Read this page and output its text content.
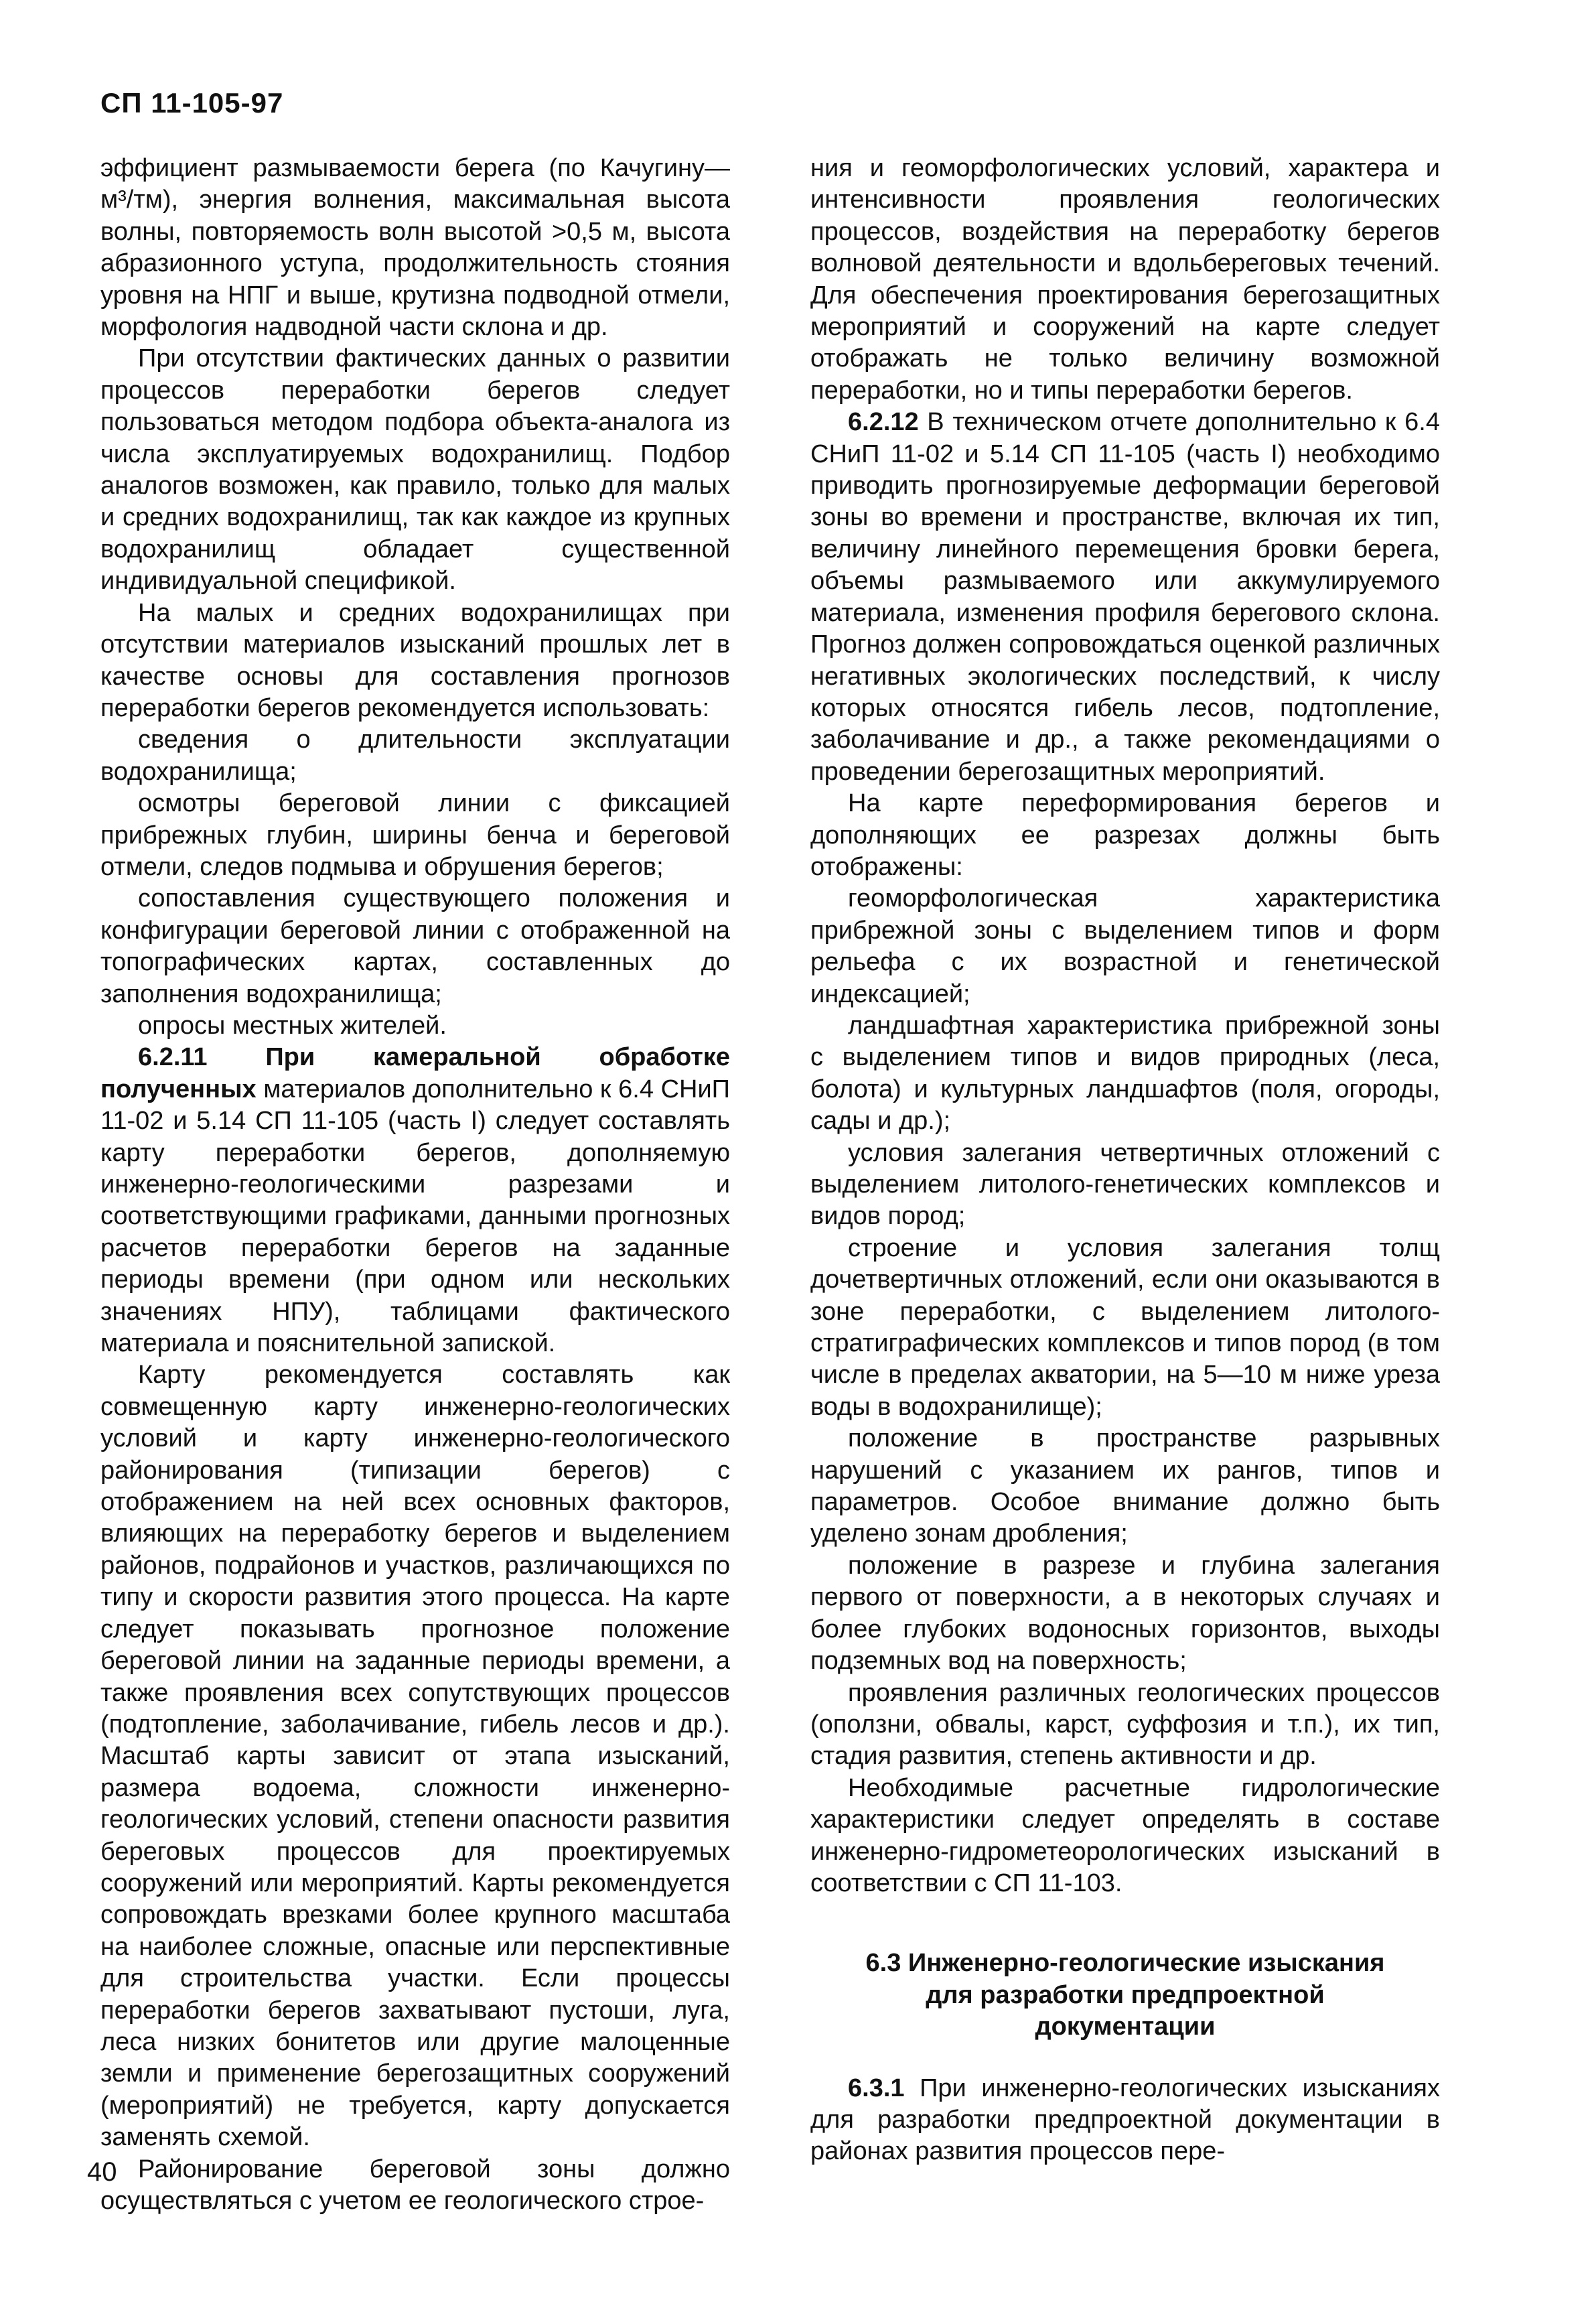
СП 11-105-97

эффициент размываемости берега (по Качугину— м³/тм), энергия волнения, максимальная высота волны, повторяемость волн высотой >0,5 м, высота абразионного уступа, продолжительность стояния уровня на НПГ и выше, крутизна подводной отмели, морфология надводной части склона и др.

При отсутствии фактических данных о развитии процессов переработки берегов следует пользоваться методом подбора объекта-аналога из числа эксплуатируемых водохранилищ. Подбор аналогов возможен, как правило, только для малых и средних водохранилищ, так как каждое из крупных водохранилищ обладает существенной индивидуальной спецификой.

На малых и средних водохранилищах при отсутствии материалов изысканий прошлых лет в качестве основы для составления прогнозов переработки берегов рекомендуется использовать:

сведения о длительности эксплуатации водохранилища;

осмотры береговой линии с фиксацией прибрежных глубин, ширины бенча и береговой отмели, следов подмыва и обрушения берегов;

сопоставления существующего положения и конфигурации береговой линии с отображенной на топографических картах, составленных до заполнения водохранилища;

опросы местных жителей.

6.2.11 При камеральной обработке полученных материалов дополнительно к 6.4 СНиП 11-02 и 5.14 СП 11-105 (часть I) следует составлять карту переработки берегов, дополняемую инженерно-геологическими разрезами и соответствующими графиками, данными прогнозных расчетов переработки берегов на заданные периоды времени (при одном или нескольких значениях НПУ), таблицами фактического материала и пояснительной запиской.

Карту рекомендуется составлять как совмещенную карту инженерно-геологических условий и карту инженерно-геологического районирования (типизации берегов) с отображением на ней всех основных факторов, влияющих на переработку берегов и выделением районов, подрайонов и участков, различающихся по типу и скорости развития этого процесса. На карте следует показывать прогнозное положение береговой линии на заданные периоды времени, а также проявления всех сопутствующих процессов (подтопление, заболачивание, гибель лесов и др.). Масштаб карты зависит от этапа изысканий, размера водоема, сложности инженерно-геологических условий, степени опасности развития береговых процессов для проектируемых сооружений или мероприятий. Карты рекомендуется сопровождать врезками более крупного масштаба на наиболее сложные, опасные или перспективные для строительства участки. Если процессы переработки берегов захватывают пустоши, луга, леса низких бонитетов или другие малоценные земли и применение берегозащитных сооружений (мероприятий) не требуется, карту допускается заменять схемой.

Районирование береговой зоны должно осуществляться с учетом ее геологического строе-

ния и геоморфологических условий, характера и интенсивности проявления геологических процессов, воздействия на переработку берегов волновой деятельности и вдольбереговых течений. Для обеспечения проектирования берегозащитных мероприятий и сооружений на карте следует отображать не только величину возможной переработки, но и типы переработки берегов.

6.2.12 В техническом отчете дополнительно к 6.4 СНиП 11-02 и 5.14 СП 11-105 (часть I) необходимо приводить прогнозируемые деформации береговой зоны во времени и пространстве, включая их тип, величину линейного перемещения бровки берега, объемы размываемого или аккумулируемого материала, изменения профиля берегового склона. Прогноз должен сопровождаться оценкой различных негативных экологических последствий, к числу которых относятся гибель лесов, подтопление, заболачивание и др., а также рекомендациями о проведении берегозащитных мероприятий.

На карте переформирования берегов и дополняющих ее разрезах должны быть отображены:

геоморфологическая характеристика прибрежной зоны с выделением типов и форм рельефа с их возрастной и генетической индексацией;

ландшафтная характеристика прибрежной зоны с выделением типов и видов природных (леса, болота) и культурных ландшафтов (поля, огороды, сады и др.);

условия залегания четвертичных отложений с выделением литолого-генетических комплексов и видов пород;

строение и условия залегания толщ дочетвертичных отложений, если они оказываются в зоне переработки, с выделением литолого-стратиграфических комплексов и типов пород (в том числе в пределах акватории, на 5—10 м ниже уреза воды в водохранилище);

положение в пространстве разрывных нарушений с указанием их рангов, типов и параметров. Особое внимание должно быть уделено зонам дробления;

положение в разрезе и глубина залегания первого от поверхности, а в некоторых случаях и более глубоких водоносных горизонтов, выходы подземных вод на поверхность;

проявления различных геологических процессов (оползни, обвалы, карст, суффозия и т.п.), их тип, стадия развития, степень активности и др.

Необходимые расчетные гидрологические характеристики следует определять в составе инженерно-гидрометеорологических изысканий в соответствии с СП 11-103.

6.3 Инженерно-геологические изыскания
для разработки предпроектной
документации

6.3.1 При инженерно-геологических изысканиях для разработки предпроектной документации в районах развития процессов пере-

40
